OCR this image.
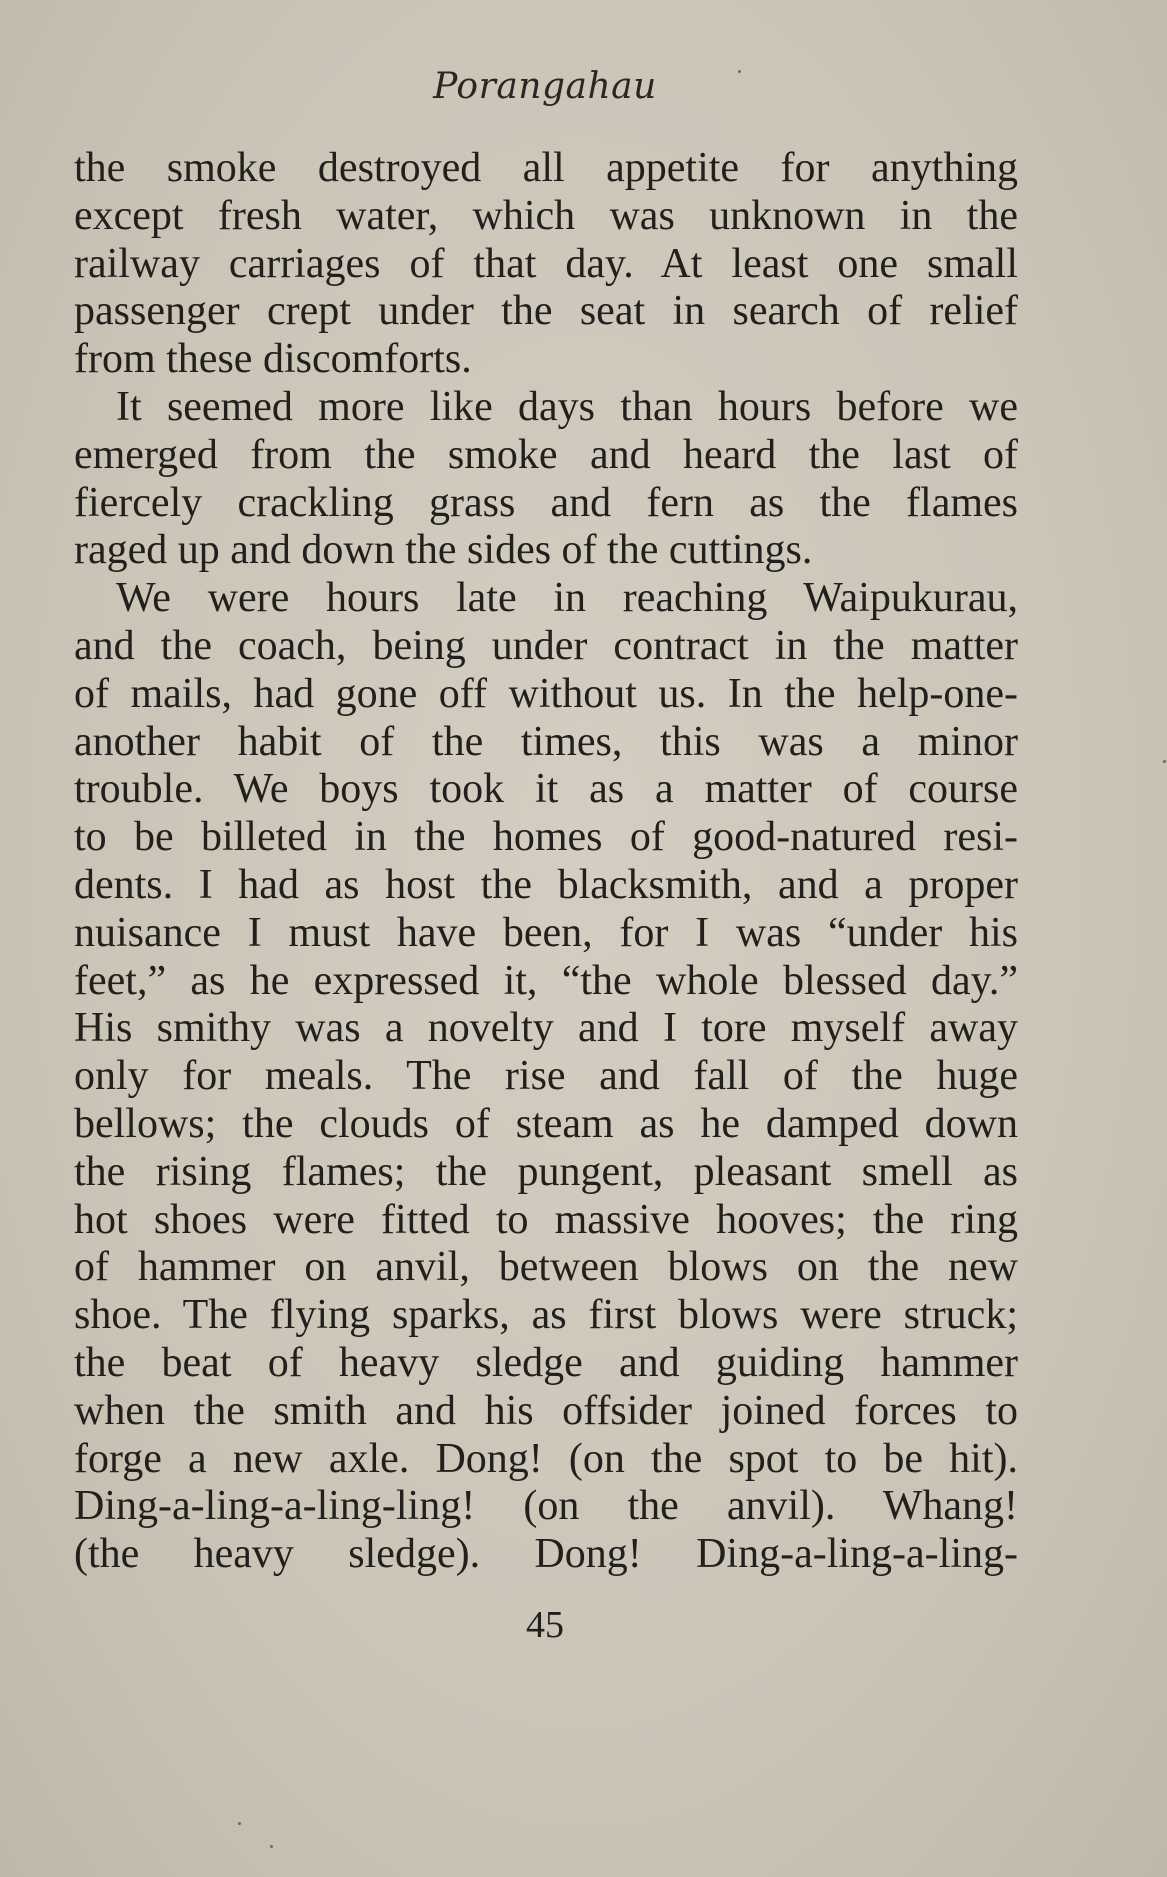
Porangahau
the smoke destroyed all appetite for anything
except fresh water, which was unknown in the
railway carriages of that day. At least one small
passenger crept under the seat in search of relief
from these discomforts.
It seemed more like days than hours before we
emerged from the smoke and heard the last of
fiercely crackling grass and fern as the flames
raged up and down the sides of the cuttings.
We were hours late in reaching Waipukurau,
and the coach, being under contract in the matter
of mails, had gone off without us. In the help-one-
another habit of the times, this was a minor
trouble. We boys took it as a matter of course
to be billeted in the homes of good-natured resi-
dents. I had as host the blacksmith, and a proper
nuisance I must have been, for I was “under his
feet,” as he expressed it, “the whole blessed day.”
His smithy was a novelty and I tore myself away
only for meals. The rise and fall of the huge
bellows; the clouds of steam as he damped down
the rising flames; the pungent, pleasant smell as
hot shoes were fitted to massive hooves; the ring
of hammer on anvil, between blows on the new
shoe. The flying sparks, as first blows were struck;
the beat of heavy sledge and guiding hammer
when the smith and his offsider joined forces to
forge a new axle. Dong! (on the spot to be hit).
Ding-a-ling-a-ling-ling! (on the anvil). Whang!
(the heavy sledge). Dong! Ding-a-ling-a-ling-
45
